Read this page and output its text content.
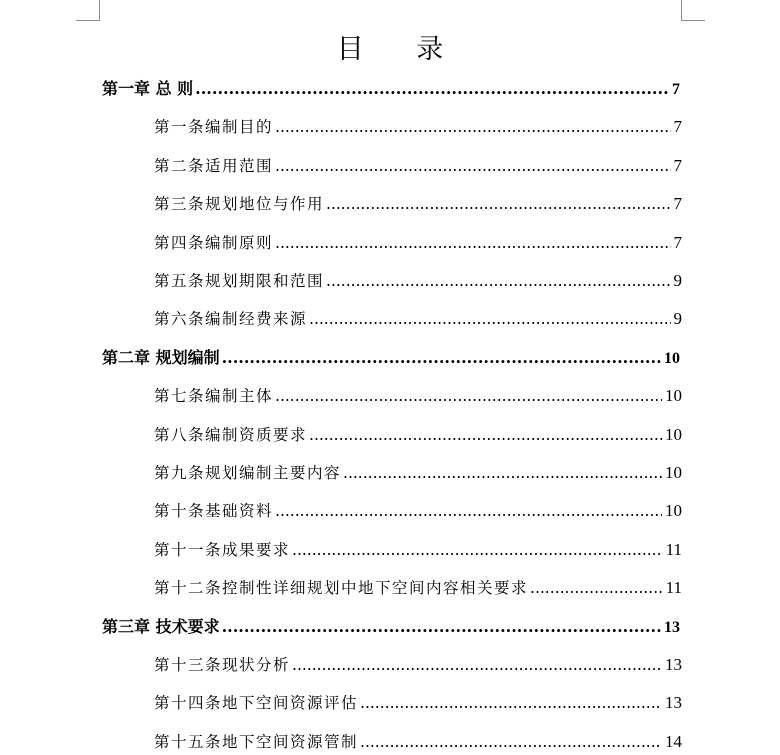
目 录
第一章 总 则 .....	7
第一条编制目的 .....	7
第二条适用范围 .....	7
第三条规划地位与作用 .....	7
第四条编制原则 .....	7
第五条规划期限和范围 .....	9
第六条编制经费来源 .....	9
第二章 规划编制 .....	10
第七条编制主体 .....	10
第八条编制资质要求 .....	10
第九条规划编制主要内容 .....	10
第十条基础资料 .....	10
第十一条成果要求 .....	11
第十二条控制性详细规划中地下空间内容相关要求 .....	11
第三章 技术要求 .....	13
第十三条现状分析 .....	13
第十四条地下空间资源评估 .....	13
第十五条地下空间资源管制 .....	14
